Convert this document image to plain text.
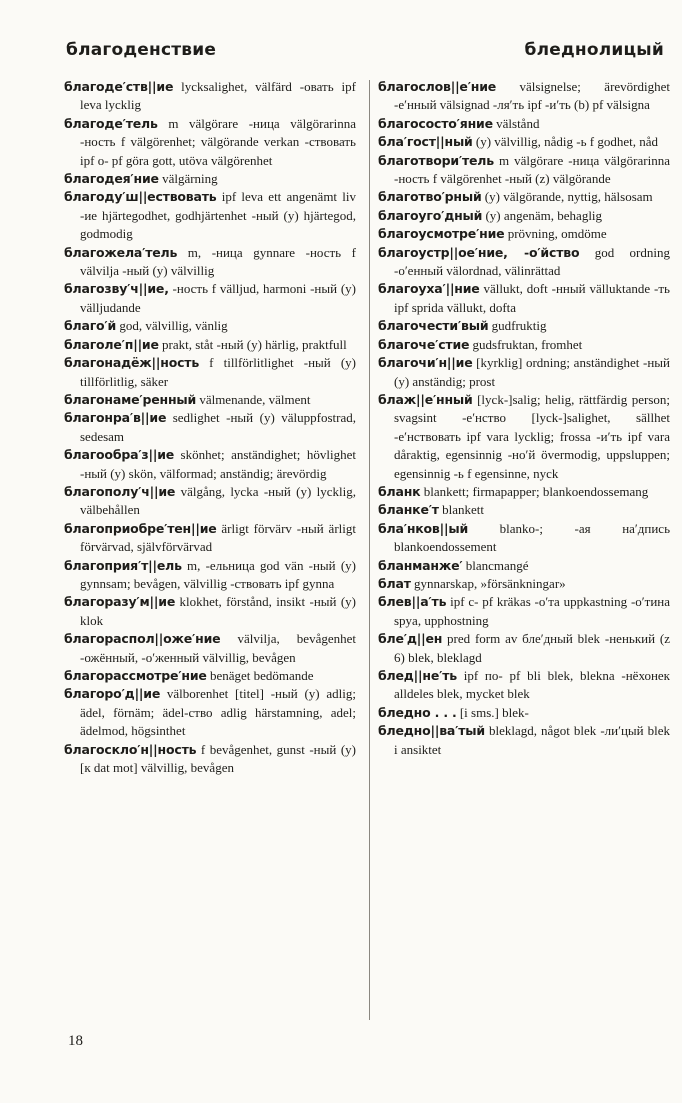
благоденствие	бледнолицый
благоде′ств||ие lycksalighet, välfärd -овать ipf leva lycklig
благоде′тель m välgörare -ница välgörarinna -ность f välgörenhet; välgörande verkan -ствовать ipf о- pf göra gott, utöva välgörenhet
благодея′ние välgärning
благоду′ш||ествовать ipf leva ett angenämt liv -ие hjärtegodhet, godhjärtenhet -ный (у) hjärtegod, godmodig
благожела′тель m, -ница gynnare -ность f välvilja -ный (у) välvillig
благозву′ч||ие, -ность f välljud, harmoni -ный (у) välljudande
благо′й god, välvillig, vänlig
благоле′п||ие prakt, ståt -ный (у) härlig, praktfull
благонадёж||ность f tillförlitlighet -ный (у) tillförlitlig, säker
благонаме′ренный välmenande, välment
благонра′в||ие sedlighet -ный (у) väluppfostrad, sedesam
благообра′з||ие skönhet; anständighet; hövlighet -ный (у) skön, välformad; anständig; ärevördig
благополу′ч||ие välgång, lycka -ный (у) lycklig, välbehållen
благоприобре′тен||ие ärligt förvärv -ный ärligt förvärvad, självförvärvad
благоприя′т||ель m, -ельница god vän -ный (у) gynnsam; bevågen, välvillig -ствовать ipf gynna
благоразу′м||ие klokhet, förstånd, insikt -ный (у) klok
благораспол||оже′ние välvilja, bevågenhet -ожённый, -о′женный välvillig, bevågen
благорассмотре′ние benäget bedömande
благоро′д||ие välborenhet [titel] -ный (у) adlig; ädel, förnäm; ädel-ство adlig härstamning, adel; ädelmod, högsinthet
благоскло′н||ность f bevågenhet, gunst -ный (у) [к dat mot] välvillig, bevågen
благослов||е′ние välsignelse; ärevördighet -е′нный välsignad -ля′ть ipf -и′ть (b) pf välsigna
благососто′яние välstånd
бла′гост||ный (у) välvillig, nådig -ь f godhet, nåd
благотвори′тель m välgörare -ница välgörarinna -ность f välgörenhet -ный (z) välgörande
благотво′рный (у) välgörande, nyttig, hälsosam
благоуго′дный (у) angenäm, behaglig
благоусмотре′ние prövning, omdöme
благоустр||ое′ние, -о′йство god ordning -о′енный välordnad, välinrättad
благоуха′||ние vällukt, doft -нный välluktande -ть ipf sprida vällukt, dofta
благочести′вый gudfruktig
благоче′стие gudsfruktan, fromhet
благочи′н||ие [kyrklig] ordning; anständighet -ный (у) anständig; prost
блаж||е′нный [lyck-]salig; helig, rättfärdig person; svagsint -е′нство [lyck-]salighet, sällhet -е′нствовать ipf vara lycklig; frossa -и′ть ipf vara dåraktig, egensinnig -но′й övermodig, uppsluppen; egensinnig -ь f egensinne, nyck
бланк blankett; firmapapper; blankoendossemang
бланке′т blankett
бла′нков||ый blanko-; -ая на′дпись blankoendossement
бланманже′ blancmangé
блат gynnarskap, »försänkningar»
блев||а′ть ipf с- pf kräkas -о′та uppkastning -о′тина spya, upphostning
бле′д||ен pred form av бле′дный blek -ненький (z 6) blek, bleklagd
блед||не′ть ipf по- pf bli blek, blekna -нёхонек alldeles blek, mycket blek
бледно . . . [i sms.] blek-
бледно||ва′тый bleklagd, något blek -ли′цый blek i ansiktet
18
